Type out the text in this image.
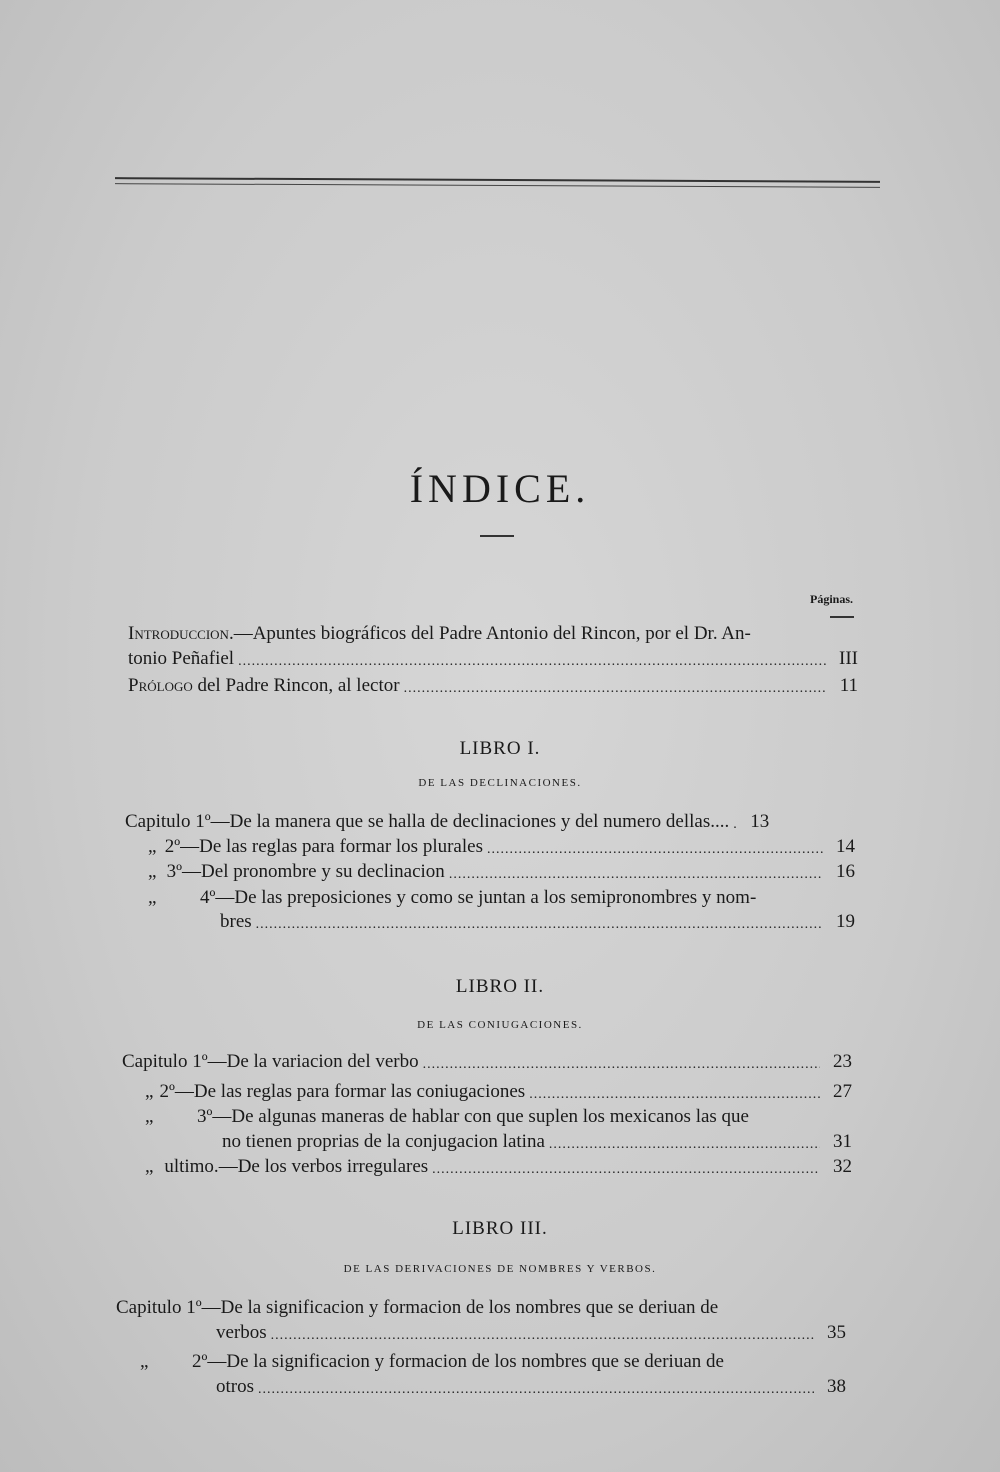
ÍNDICE.
Páginas.
Introduccion. —Apuntes biográficos del Padre Antonio del Rincon, por el Dr. An-
tonio Peñafiel .....	III
Prólogo del Padre Rincon, al lector .....	11
LIBRO I.
DE LAS DECLINACIONES.
Capitulo
1º —De la manera que se halla de declinaciones y del numero dellas.... .....	13
„ 2º —De las reglas para formar los plurales .....	14
„ 3º —Del pronombre y su declinacion .....	16
„	4º —De las preposiciones y como se juntan a los semipronombres y nom-
bres .....	19
LIBRO II.
DE LAS CONIUGACIONES.
Capitulo
1º —De la variacion del verbo .....	23
„ 2º —De las reglas para formar las coniugaciones .....	27
„	3º —De algunas maneras de hablar con que suplen los mexicanos las que
no tienen proprias de la conjugacion latina .....	31
„ ultimo. —De los verbos irregulares .....	32
LIBRO III.
DE LAS DERIVACIONES DE NOMBRES Y VERBOS.
Capitulo
1º —De la significacion y formacion de los nombres que se deriuan de
verbos .....	35
„	2º —De la significacion y formacion de los nombres que se deriuan de
otros .....	38
